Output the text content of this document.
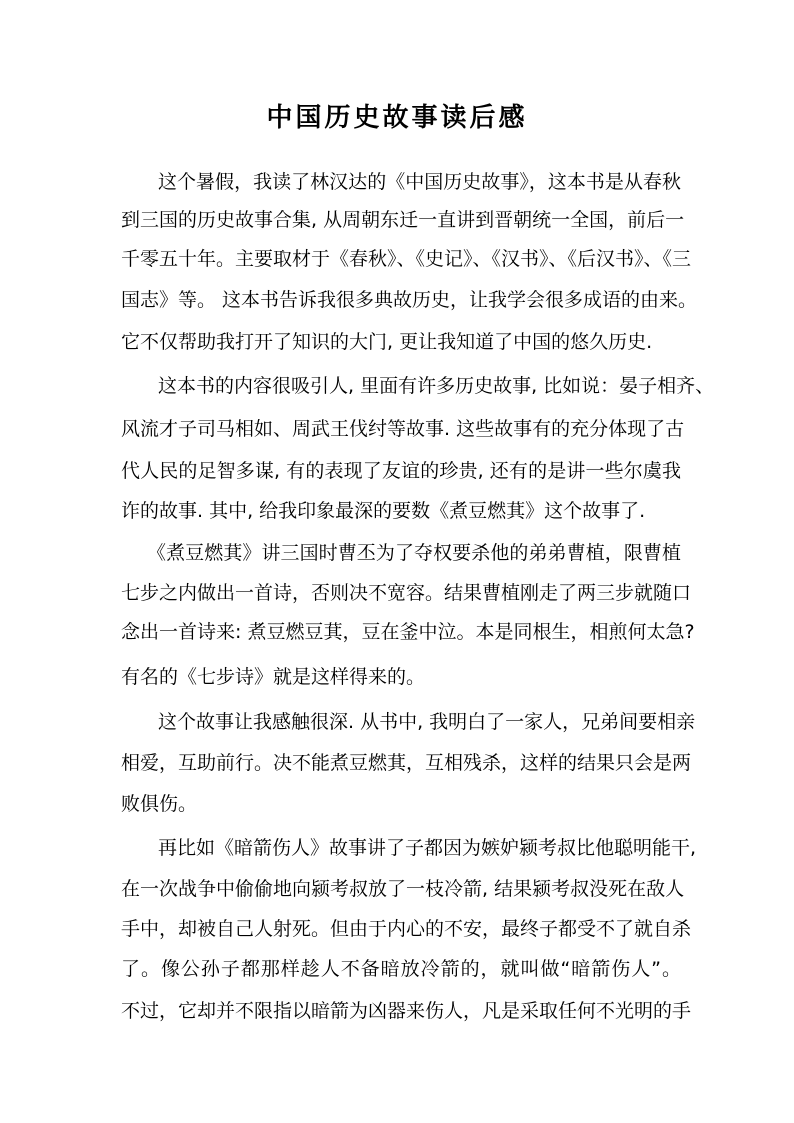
中国历史故事读后感
这个暑假，我读了林汉达的《中国历史故事》，这本书是从春秋
到三国的历史故事合集, 从周朝东迁一直讲到晋朝统一全国，前后一
千零五十年。主要取材于《春秋》、《史记》、《汉书》、《后汉书》、《三
国志》等。 这本书告诉我很多典故历史，让我学会很多成语的由来。
它不仅帮助我打开了知识的大门, 更让我知道了中国的悠久历史.
这本书的内容很吸引人, 里面有许多历史故事, 比如说：晏子相齐、
风流才子司马相如、周武王伐纣等故事. 这些故事有的充分体现了古
代人民的足智多谋, 有的表现了友谊的珍贵, 还有的是讲一些尔虞我
诈的故事. 其中, 给我印象最深的要数《煮豆燃萁》这个故事了.
《煮豆燃萁》讲三国时曹丕为了夺权要杀他的弟弟曹植，限曹植
七步之内做出一首诗，否则决不宽容。结果曹植刚走了两三步就随口
念出一首诗来: 煮豆燃豆萁，豆在釜中泣。本是同根生，相煎何太急?
有名的《七步诗》就是这样得来的。
这个故事让我感触很深. 从书中, 我明白了一家人，兄弟间要相亲
相爱，互助前行。决不能煮豆燃萁，互相残杀，这样的结果只会是两
败俱伤。
再比如《暗箭伤人》故事讲了子都因为嫉妒颍考叔比他聪明能干,
在一次战争中偷偷地向颍考叔放了一枝冷箭, 结果颍考叔没死在敌人
手中，却被自己人射死。但由于内心的不安，最终子都受不了就自杀
了。像公孙子都那样趁人不备暗放冷箭的，就叫做“暗箭伤人”。
不过，它却并不限指以暗箭为凶器来伤人，凡是采取任何不光明的手
